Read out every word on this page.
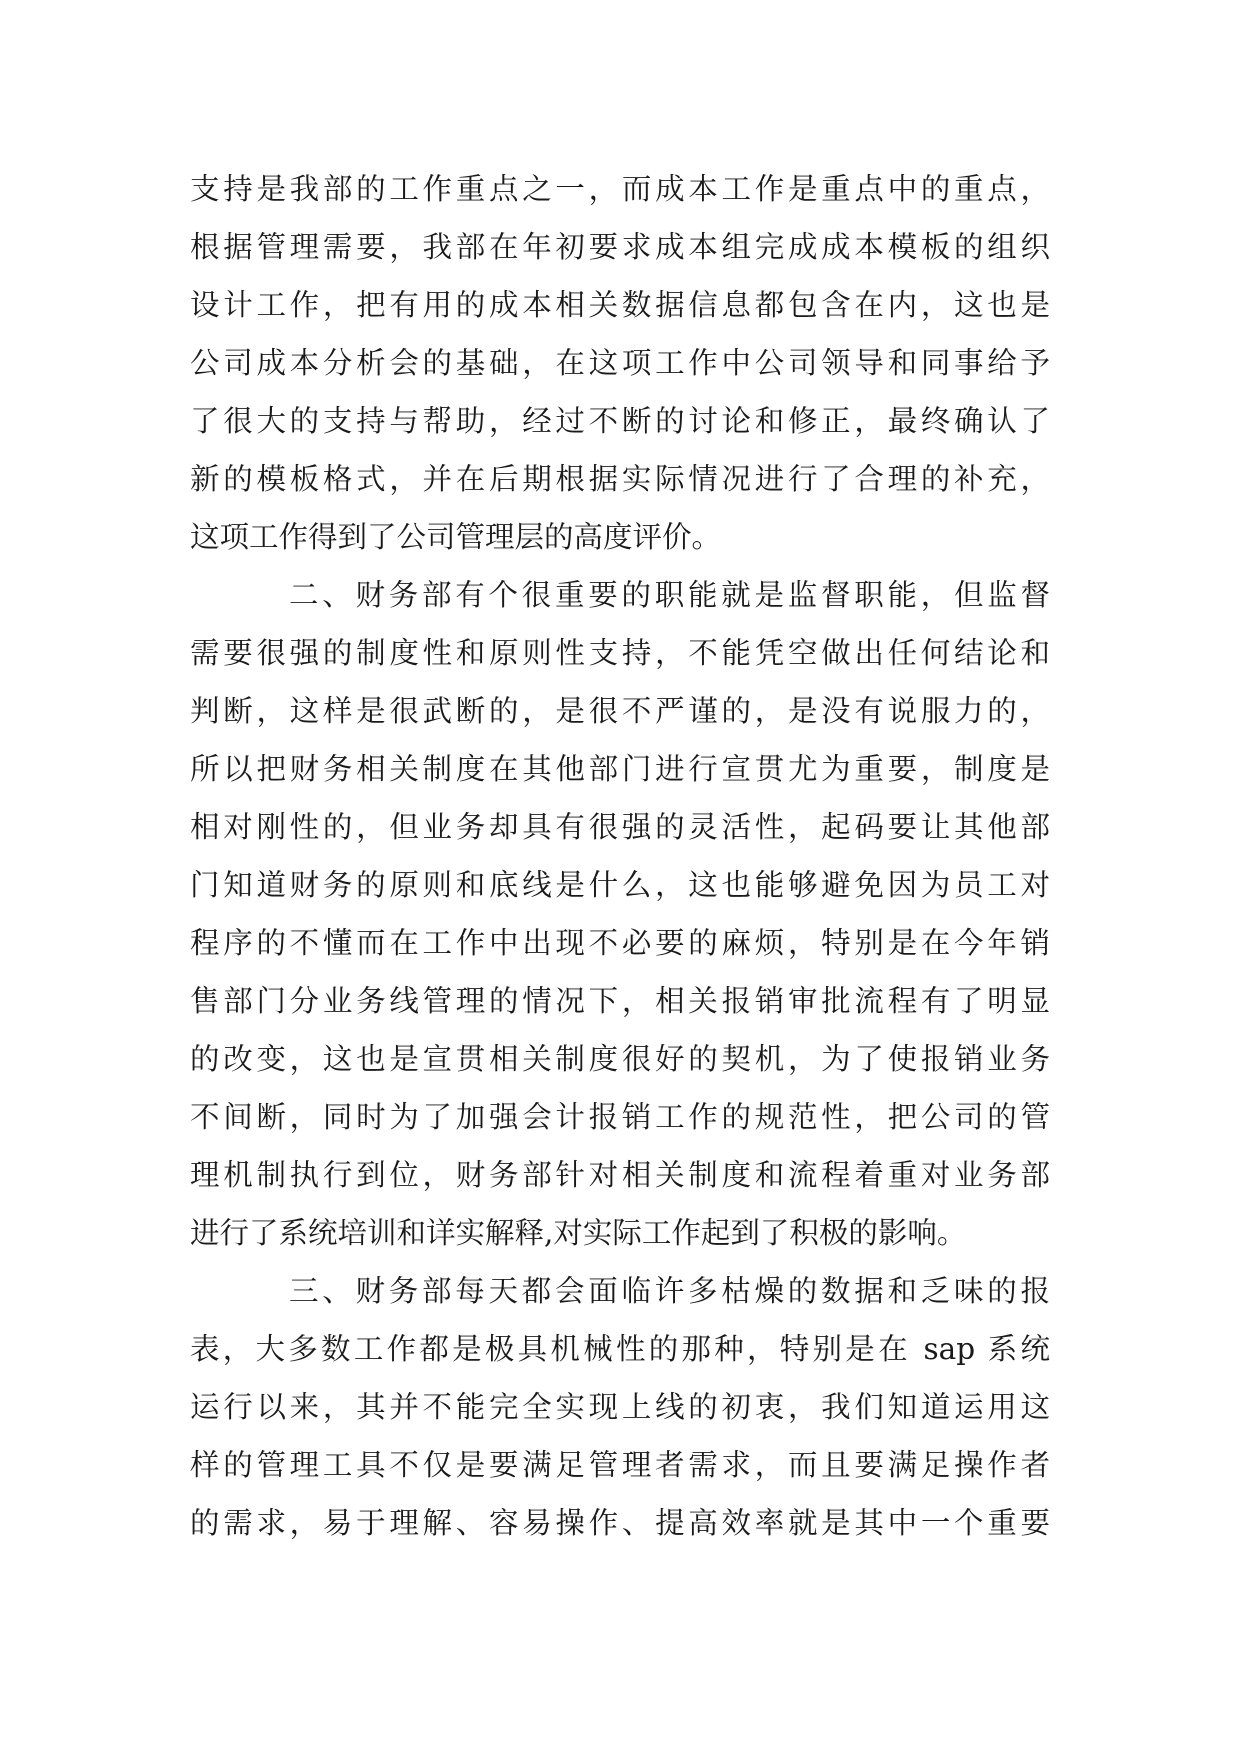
支持是我部的工作重点之一，而成本工作是重点中的重点，
根据管理需要，我部在年初要求成本组完成成本模板的组织
设计工作，把有用的成本相关数据信息都包含在内，这也是
公司成本分析会的基础，在这项工作中公司领导和同事给予
了很大的支持与帮助，经过不断的讨论和修正，最终确认了
新的模板格式，并在后期根据实际情况进行了合理的补充，
这项工作得到了公司管理层的高度评价。
二、财务部有个很重要的职能就是监督职能，但监督
需要很强的制度性和原则性支持，不能凭空做出任何结论和
判断，这样是很武断的，是很不严谨的，是没有说服力的，
所以把财务相关制度在其他部门进行宣贯尤为重要，制度是
相对刚性的，但业务却具有很强的灵活性，起码要让其他部
门知道财务的原则和底线是什么，这也能够避免因为员工对
程序的不懂而在工作中出现不必要的麻烦，特别是在今年销
售部门分业务线管理的情况下，相关报销审批流程有了明显
的改变，这也是宣贯相关制度很好的契机，为了使报销业务
不间断，同时为了加强会计报销工作的规范性，把公司的管
理机制执行到位，财务部针对相关制度和流程着重对业务部
进行了系统培训和详实解释,对实际工作起到了积极的影响。
三、财务部每天都会面临许多枯燥的数据和乏味的报
表，大多数工作都是极具机械性的那种，特别是在 sap 系统
运行以来，其并不能完全实现上线的初衷，我们知道运用这
样的管理工具不仅是要满足管理者需求，而且要满足操作者
的需求，易于理解、容易操作、提高效率就是其中一个重要
